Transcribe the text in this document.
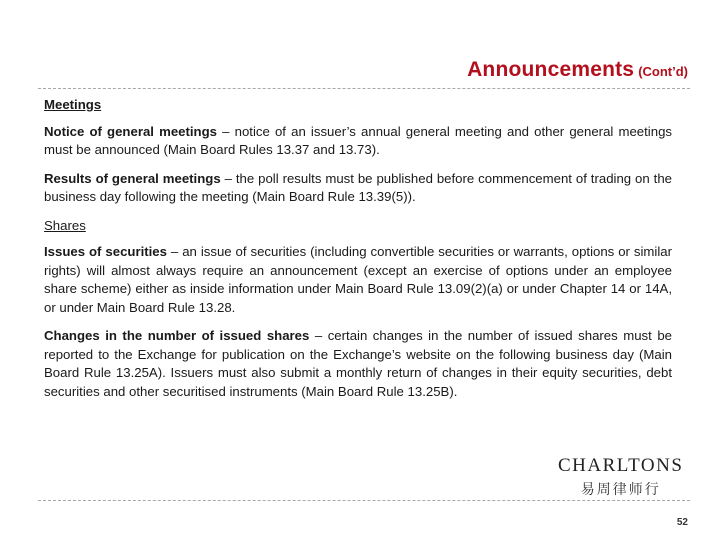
Announcements (Cont’d)

Meetings

Notice of general meetings – notice of an issuer’s annual general meeting and other general meetings must be announced (Main Board Rules 13.37 and 13.73).

Results of general meetings – the poll results must be published before commencement of trading on the business day following the meeting (Main Board Rule 13.39(5)).

Shares

Issues of securities – an issue of securities (including convertible securities or warrants, options or similar rights) will almost always require an announcement (except an exercise of options under an employee share scheme) either as inside information under Main Board Rule 13.09(2)(a) or under Chapter 14 or 14A, or under Main Board Rule 13.28.

Changes in the number of issued shares – certain changes in the number of issued shares must be reported to the Exchange for publication on the Exchange’s website on the following business day (Main Board Rule 13.25A). Issuers must also submit a monthly return of changes in their equity securities, debt securities and other securitised instruments (Main Board Rule 13.25B).

CHARLTONS
易周律师行
52
